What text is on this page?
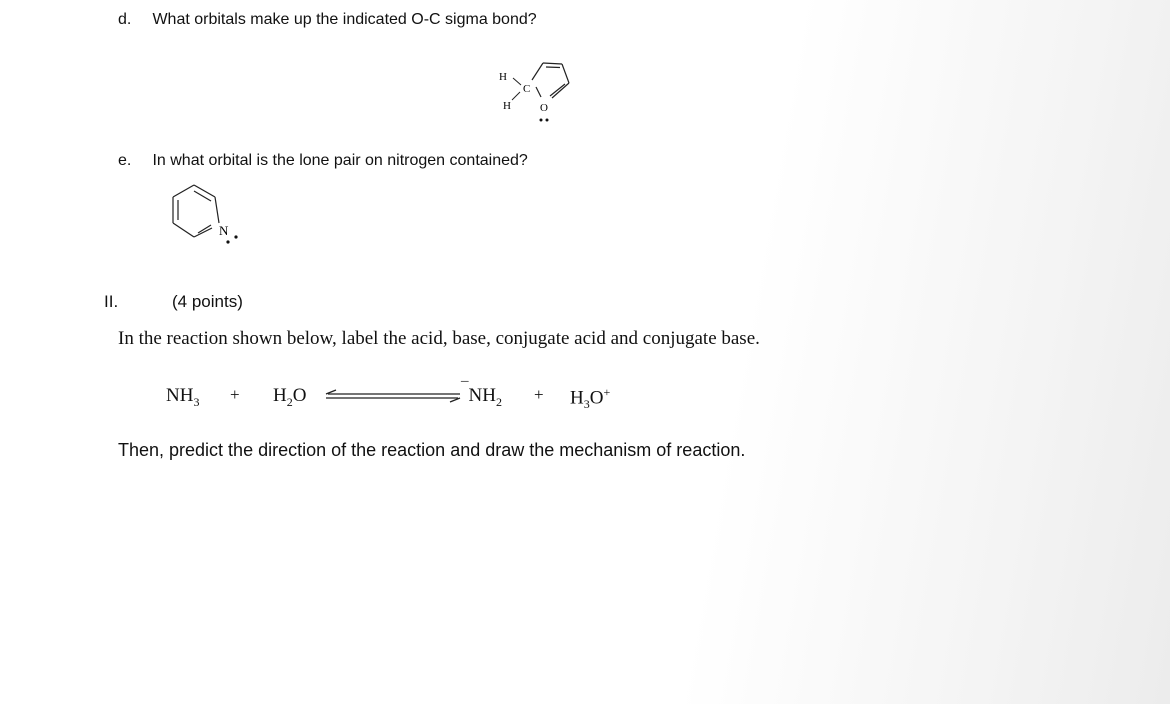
d. What orbitals make up the indicated O-C sigma bond?
H
C
H	O
e. In what orbital is the lone pair on nitrogen contained?
N
II.	(4 points)
In the reaction shown below, label the acid, base, conjugate acid and conjugate base.
$NH_3 + H_2O$	$^¯NH_2 + H_3O^+$
Then, predict the direction of the reaction and draw the mechanism of reaction.
